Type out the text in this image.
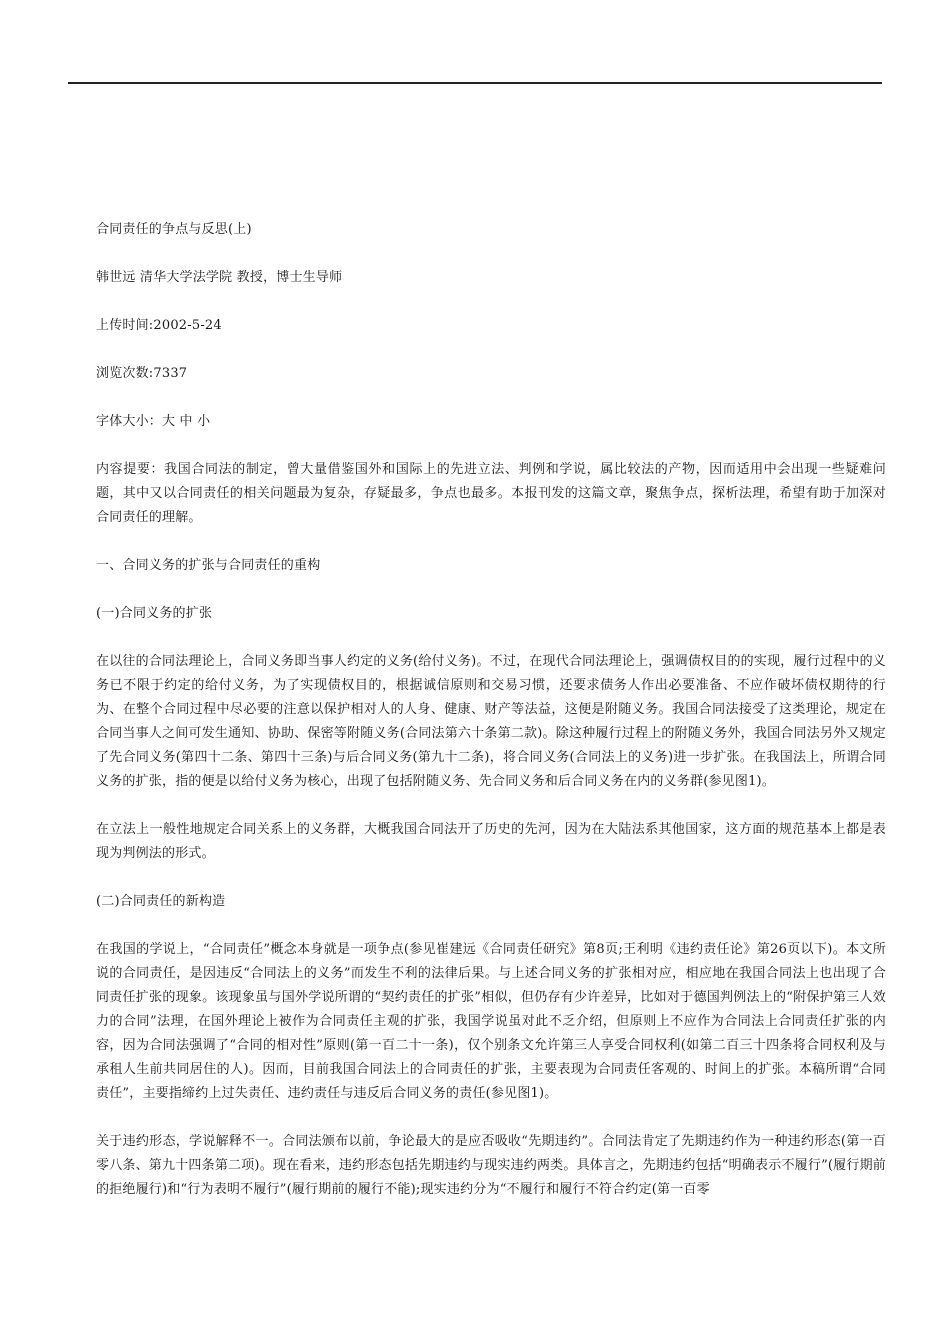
合同责任的争点与反思(上)
韩世远 清华大学法学院 教授，博士生导师
上传时间:2002-5-24
浏览次数:7337
字体大小：大 中 小

内容提要：我国合同法的制定，曾大量借鉴国外和国际上的先进立法、判例和学说，属比较法的产物，因而适用中会出现一些疑难问题，其中又以合同责任的相关问题最为复杂，存疑最多，争点也最多。本报刊发的这篇文章，聚焦争点，探析法理，希望有助于加深对合同责任的理解。

一、合同义务的扩张与合同责任的重构
(一)合同义务的扩张

在以往的合同法理论上，合同义务即当事人约定的义务(给付义务)。不过，在现代合同法理论上，强调债权目的的实现，履行过程中的义务已不限于约定的给付义务，为了实现债权目的，根据诚信原则和交易习惯，还要求债务人作出必要准备、不应作破坏债权期待的行为、在整个合同过程中尽必要的注意以保护相对人的人身、健康、财产等法益，这便是附随义务。我国合同法接受了这类理论，规定在合同当事人之间可发生通知、协助、保密等附随义务(合同法第六十条第二款)。除这种履行过程上的附随义务外，我国合同法另外又规定了先合同义务(第四十二条、第四十三条)与后合同义务(第九十二条)，将合同义务(合同法上的义务)进一步扩张。在我国法上，所谓合同义务的扩张，指的便是以给付义务为核心，出现了包括附随义务、先合同义务和后合同义务在内的义务群(参见图1)。

在立法上一般性地规定合同关系上的义务群，大概我国合同法开了历史的先河，因为在大陆法系其他国家，这方面的规范基本上都是表现为判例法的形式。

(二)合同责任的新构造

在我国的学说上，“合同责任”概念本身就是一项争点(参见崔建远《合同责任研究》第8页;王利明《违约责任论》第26页以下)。本文所说的合同责任，是因违反“合同法上的义务”而发生不利的法律后果。与上述合同义务的扩张相对应，相应地在我国合同法上也出现了合同责任扩张的现象。该现象虽与国外学说所谓的“契约责任的扩张”相似，但仍存有少许差异，比如对于德国判例法上的“附保护第三人效力的合同”法理，在国外理论上被作为合同责任主观的扩张，我国学说虽对此不乏介绍，但原则上不应作为合同法上合同责任扩张的内容，因为合同法强调了“合同的相对性”原则(第一百二十一条)，仅个别条文允许第三人享受合同权利(如第二百三十四条将合同权利及与承租人生前共同居住的人)。因而，目前我国合同法上的合同责任的扩张，主要表现为合同责任客观的、时间上的扩张。本稿所谓“合同责任”，主要指缔约上过失责任、违约责任与违反后合同义务的责任(参见图1)。

关于违约形态，学说解释不一。合同法颁布以前，争论最大的是应否吸收“先期违约”。合同法肯定了先期违约作为一种违约形态(第一百零八条、第九十四条第二项)。现在看来，违约形态包括先期违约与现实违约两类。具体言之，先期违约包括“明确表示不履行”(履行期前的拒绝履行)和“行为表明不履行”(履行期前的履行不能);现实违约分为“不履行和履行不符合约定(第一百零
